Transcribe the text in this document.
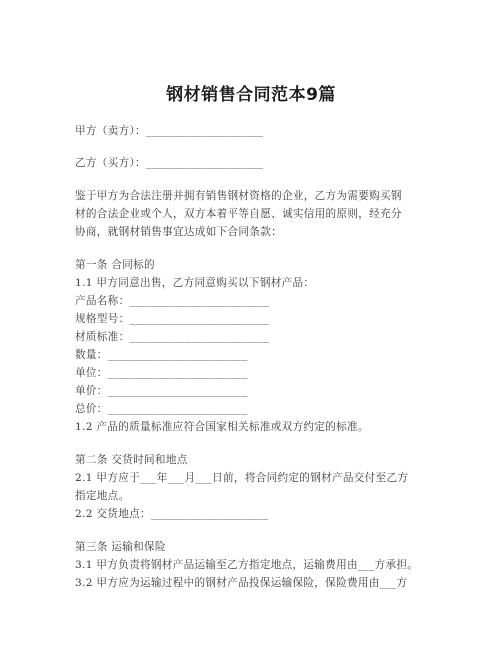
钢材销售合同范本9篇
甲方（卖方）：_____________________
乙方（买方）：_____________________
鉴于甲方为合法注册并拥有销售钢材资格的企业，乙方为需要购买钢
材的合法企业或个人，双方本着平等自愿、诚实信用的原则，经充分
协商，就钢材销售事宜达成如下合同条款：
第一条 合同标的
1.1 甲方同意出售，乙方同意购买以下钢材产品：
产品名称：_________________________
规格型号：_________________________
材质标准：_________________________
数量：_________________________
单位：_________________________
单价：_________________________
总价：_________________________
1.2 产品的质量标准应符合国家相关标准或双方约定的标准。
第二条 交货时间和地点
2.1 甲方应于___年___月___日前，将合同约定的钢材产品交付至乙方
指定地点。
2.2 交货地点：_____________________
第三条 运输和保险
3.1 甲方负责将钢材产品运输至乙方指定地点，运输费用由___方承担。
3.2 甲方应为运输过程中的钢材产品投保运输保险，保险费用由___方
